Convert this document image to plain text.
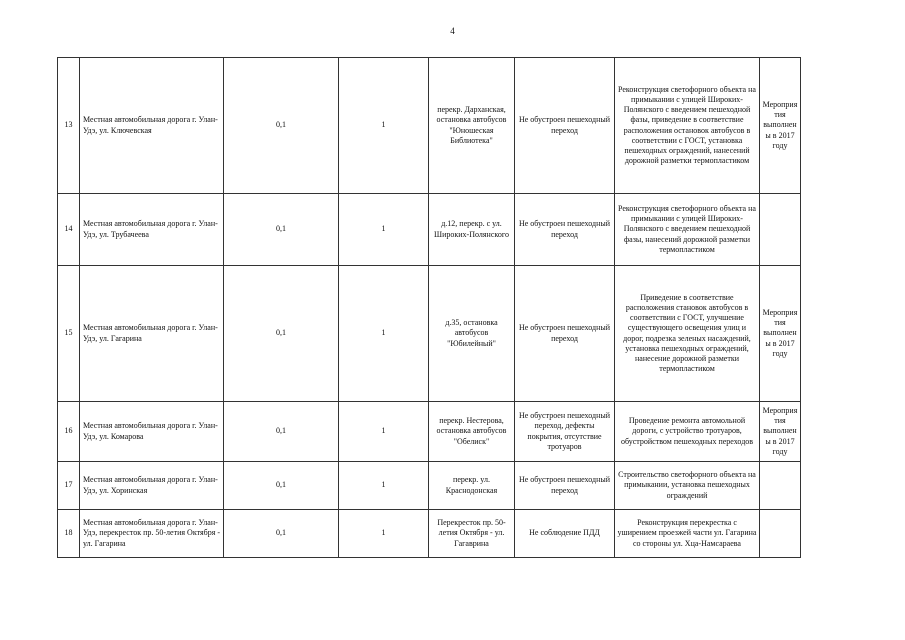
4
13	Местная автомобильная дорога г. Улан-Удэ, ул. Ключевская	0,1	1	перекр. Дарханская, остановка автобусов "Юношеская Библиотека"	Не обустроен пешеходный переход	Реконструкция светофорного объекта на примыкании с улицей Широких-Полянского с введением пешеходной фазы, приведение в соответствие расположения остановок автобусов в соответствии с ГОСТ, установка пешеходных ограждений, нанесений дорожной разметки термопластиком	Мероприятия выполнены в 2017 году
14	Местная автомобильная дорога г. Улан-Удэ, ул. Трубачеева	0,1	1	д.12, перекр. с ул. Широких-Полянского	Не обустроен пешеходный переход	Реконструкция светофорного объекта на примыкании с улицей Широких-Полянского с введением пешеходной фазы, нанесений дорожной разметки термопластиком	
15	Местная автомобильная дорога г. Улан-Удэ, ул. Гагарина	0,1	1	д.35, остановка автобусов "Юбилейный"	Не обустроен пешеходный переход	Приведение в соответствие расположения становок автобусов в соответствии с ГОСТ, улучшение существующего освещения улиц и дорог, подрезка зеленых насаждений, установка пешеходных ограждений, нанесение дорожной разметки термопластиком	Мероприятия выполнены в 2017 году
16	Местная автомобильная дорога г. Улан-Удэ, ул. Комарова	0,1	1	перекр. Нестерова, остановка автобусов "Обелиск"	Не обустроен пешеходный переход, дефекты покрытия, отсутствие тротуаров	Проведение ремонта автомольной дороги, с устройство тротуаров, обустройством пешеходных переходов	Мероприятия выполнены в 2017 году
17	Местная автомобильная дорога г. Улан-Удэ, ул. Хоринская	0,1	1	перекр. ул. Краснодонская	Не обустроен пешеходный переход	Строительство светофорного объекта на примыкании, установка пешеходных ограждений	
18	Местная автомобильная дорога г. Улан-Удэ, перекресток пр. 50-летия Октября - ул. Гагарина	0,1	1	Перекресток пр. 50-летия Октября - ул. Гагаврина	Не соблюдение ПДД	Реконструкция перекрестка с уширением проезжей части ул. Гагарина со стороны ул. Хца-Намсараева	
